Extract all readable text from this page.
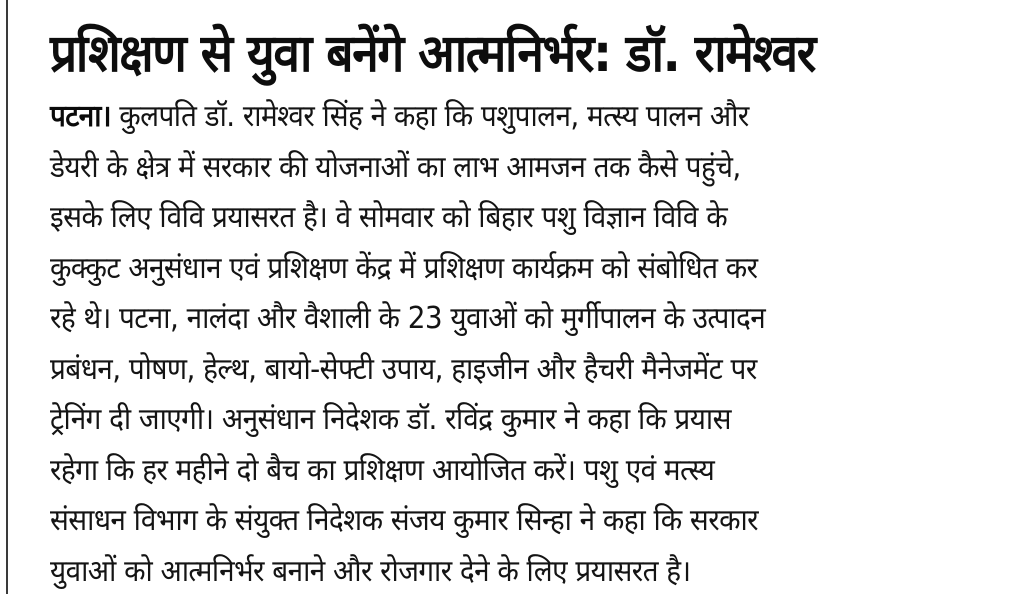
प्रशिक्षण से युवा बनेंगे आत्मनिर्भर: डॉ. रामेश्वर
पटना। कुलपति डॉ. रामेश्वर सिंह ने कहा कि पशुपालन, मत्स्य पालन और
डेयरी के क्षेत्र में सरकार की योजनाओं का लाभ आमजन तक कैसे पहुंचे,
इसके लिए विवि प्रयासरत है। वे सोमवार को बिहार पशु विज्ञान विवि के
कुक्कुट अनुसंधान एवं प्रशिक्षण केंद्र में प्रशिक्षण कार्यक्रम को संबोधित कर
रहे थे। पटना, नालंदा और वैशाली के 23 युवाओं को मुर्गीपालन के उत्पादन
प्रबंधन, पोषण, हेल्थ, बायो-सेफ्टी उपाय, हाइजीन और हैचरी मैनेजमेंट पर
ट्रेनिंग दी जाएगी। अनुसंधान निदेशक डॉ. रविंद्र कुमार ने कहा कि प्रयास
रहेगा कि हर महीने दो बैच का प्रशिक्षण आयोजित करें। पशु एवं मत्स्य
संसाधन विभाग के संयुक्त निदेशक संजय कुमार सिन्हा ने कहा कि सरकार
युवाओं को आत्मनिर्भर बनाने और रोजगार देने के लिए प्रयासरत है।
